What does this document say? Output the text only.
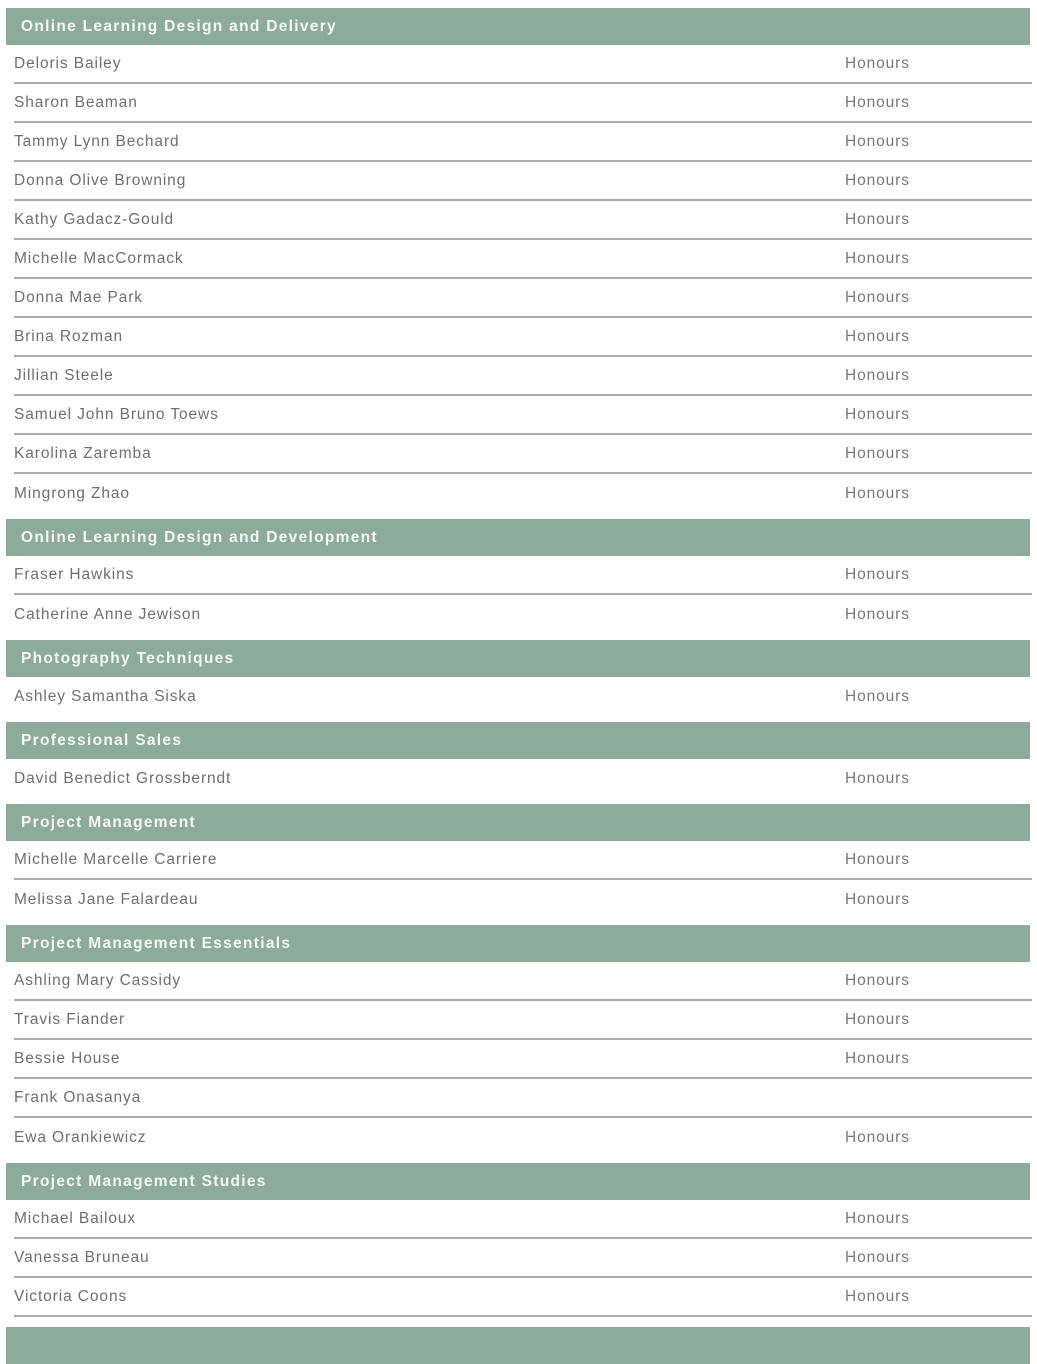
Online Learning Design and Delivery
Deloris Bailey	Honours
Sharon Beaman	Honours
Tammy Lynn Bechard	Honours
Donna Olive Browning	Honours
Kathy Gadacz-Gould	Honours
Michelle MacCormack	Honours
Donna Mae Park	Honours
Brina Rozman	Honours
Jillian Steele	Honours
Samuel John Bruno Toews	Honours
Karolina Zaremba	Honours
Mingrong Zhao	Honours
Online Learning Design and Development
Fraser Hawkins	Honours
Catherine Anne Jewison	Honours
Photography Techniques
Ashley Samantha Siska	Honours
Professional Sales
David Benedict Grossberndt	Honours
Project Management
Michelle Marcelle Carriere	Honours
Melissa Jane Falardeau	Honours
Project Management Essentials
Ashling Mary Cassidy	Honours
Travis Fiander	Honours
Bessie House	Honours
Frank Onasanya
Ewa Orankiewicz	Honours
Project Management Studies
Michael Bailoux	Honours
Vanessa Bruneau	Honours
Victoria Coons	Honours
